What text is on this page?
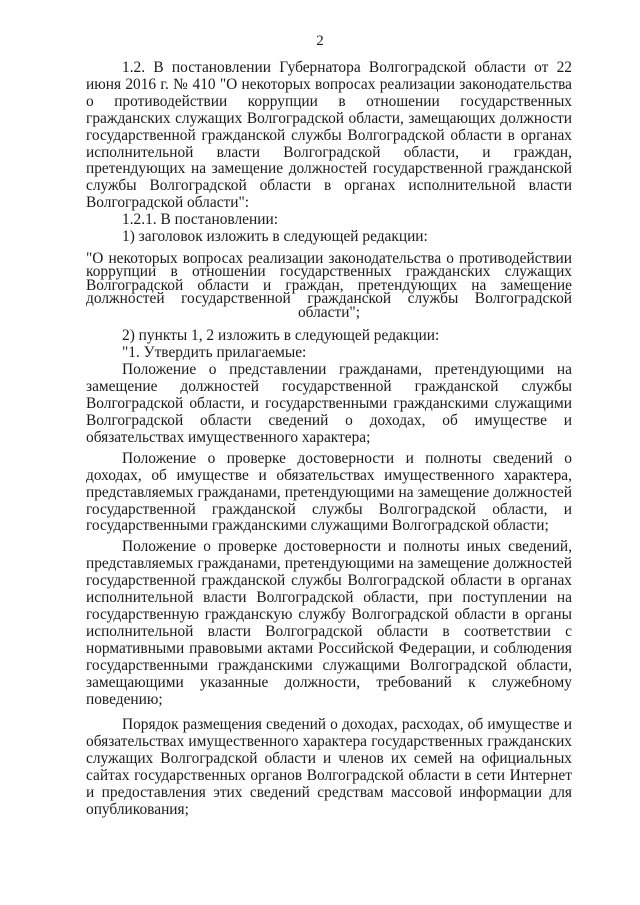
2

1.2. В постановлении Губернатора Волгоградской области от 22 июня 2016 г. № 410 "О некоторых вопросах реализации законодательства о противодействии коррупции в отношении государственных гражданских служащих Волгоградской области, замещающих должности государственной гражданской службы Волгоградской области в органах исполнительной власти Волгоградской области, и граждан, претендующих на замещение должностей государственной гражданской службы Волгоградской области в органах исполнительной власти Волгоградской области":

1.2.1. В постановлении:

1) заголовок изложить в следующей редакции:

"О некоторых вопросах реализации законодательства о противодействии коррупции в отношении государственных гражданских служащих Волгоградской области и граждан, претендующих на замещение должностей государственной гражданской службы Волгоградской области";

2) пункты 1, 2 изложить в следующей редакции:

"1. Утвердить прилагаемые:

Положение о представлении гражданами, претендующими на замещение должностей государственной гражданской службы Волгоградской области, и государственными гражданскими служащими Волгоградской области сведений о доходах, об имуществе и обязательствах имущественного характера;

Положение о проверке достоверности и полноты сведений о доходах, об имуществе и обязательствах имущественного характера, представляемых гражданами, претендующими на замещение должностей государственной гражданской службы Волгоградской области, и государственными гражданскими служащими Волгоградской области;

Положение о проверке достоверности и полноты иных сведений, представляемых гражданами, претендующими на замещение должностей государственной гражданской службы Волгоградской области в органах исполнительной власти Волгоградской области, при поступлении на государственную гражданскую службу Волгоградской области в органы исполнительной власти Волгоградской области в соответствии с нормативными правовыми актами Российской Федерации, и соблюдения государственными гражданскими служащими Волгоградской области, замещающими указанные должности, требований к служебному поведению;

Порядок размещения сведений о доходах, расходах, об имуществе и обязательствах имущественного характера государственных гражданских служащих Волгоградской области и членов их семей на официальных сайтах государственных органов Волгоградской области в сети Интернет и предоставления этих сведений средствам массовой информации для опубликования;
